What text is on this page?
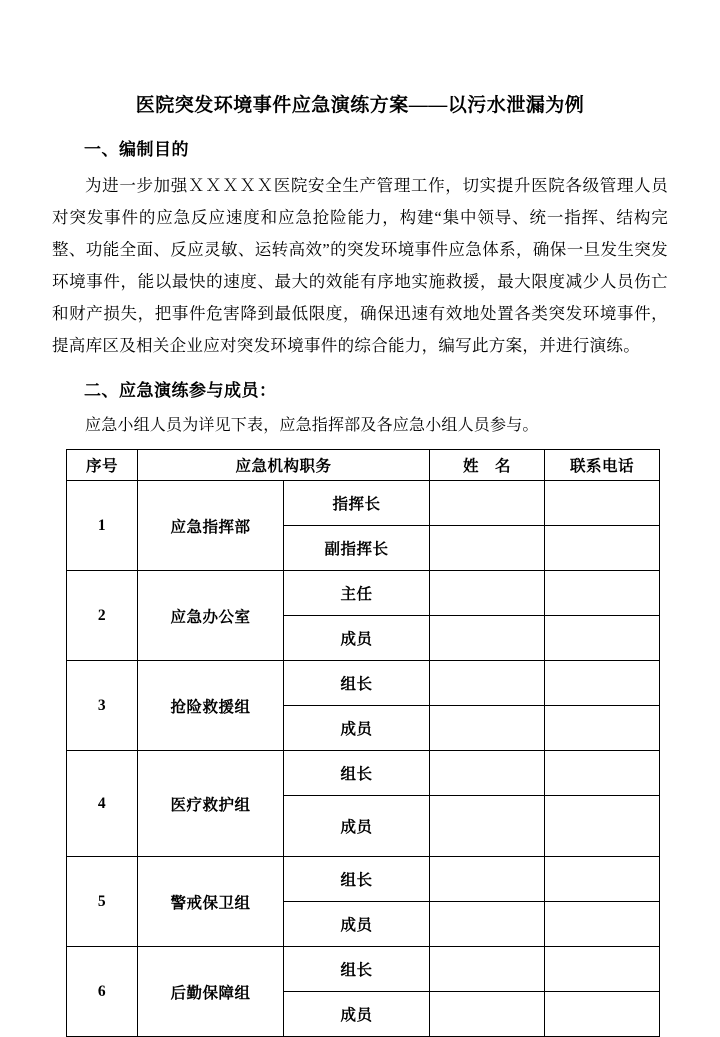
医院突发环境事件应急演练方案——以污水泄漏为例
一、编制目的

为进一步加强ＸＸＸＸＸ医院安全生产管理工作，切实提升医院各级管理人员对突发事件的应急反应速度和应急抢险能力，构建“集中领导、统一指挥、结构完整、功能全面、反应灵敏、运转高效”的突发环境事件应急体系，确保一旦发生突发环境事件，能以最快的速度、最大的效能有序地实施救援，最大限度减少人员伤亡和财产损失，把事件危害降到最低限度，确保迅速有效地处置各类突发环境事件，提高库区及相关企业应对突发环境事件的综合能力，编写此方案，并进行演练。

二、应急演练参与成员：

应急小组人员为详见下表，应急指挥部及各应急小组人员参与。

序号	应急机构职务		姓　名	联系电话
1	应急指挥部	指挥长		
		副指挥长		
2	应急办公室	主任		
		成员		
3	抢险救援组	组长		
		成员		
4	医疗救护组	组长		
		成员		
5	警戒保卫组	组长		
		成员		
6	后勤保障组	组长		
		成员		
